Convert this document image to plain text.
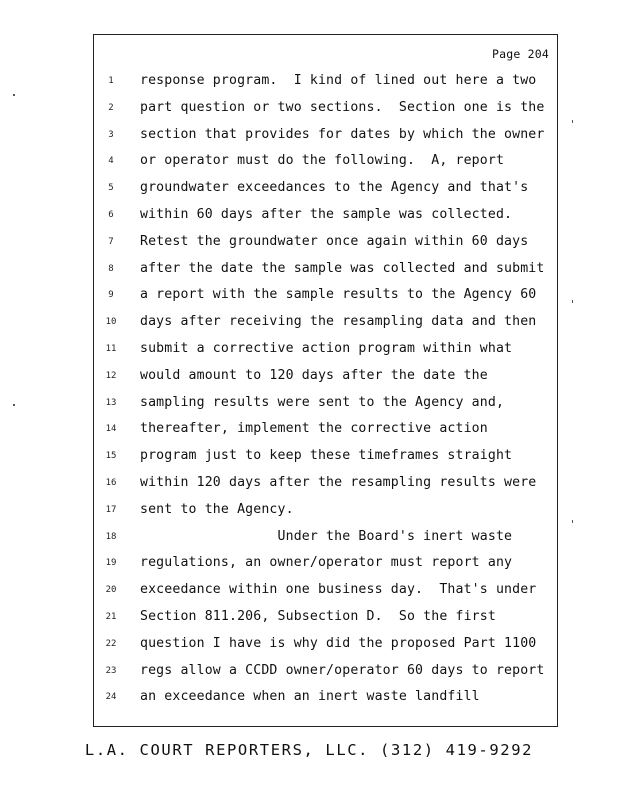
Page 204
1	response program.  I kind of lined out here a two
2	part question or two sections.  Section one is the
3	section that provides for dates by which the owner
4	or operator must do the following.  A, report
5	groundwater exceedances to the Agency and that's
6	within 60 days after the sample was collected.
7	Retest the groundwater once again within 60 days
8	after the date the sample was collected and submit
9	a report with the sample results to the Agency 60
10	days after receiving the resampling data and then
11	submit a corrective action program within what
12	would amount to 120 days after the date the
13	sampling results were sent to the Agency and,
14	thereafter, implement the corrective action
15	program just to keep these timeframes straight
16	within 120 days after the resampling results were
17	sent to the Agency.
18	Under the Board's inert waste
19	regulations, an owner/operator must report any
20	exceedance within one business day.  That's under
21	Section 811.206, Subsection D.  So the first
22	question I have is why did the proposed Part 1100
23	regs allow a CCDD owner/operator 60 days to report
24	an exceedance when an inert waste landfill
L.A. COURT REPORTERS, LLC. (312) 419-9292
